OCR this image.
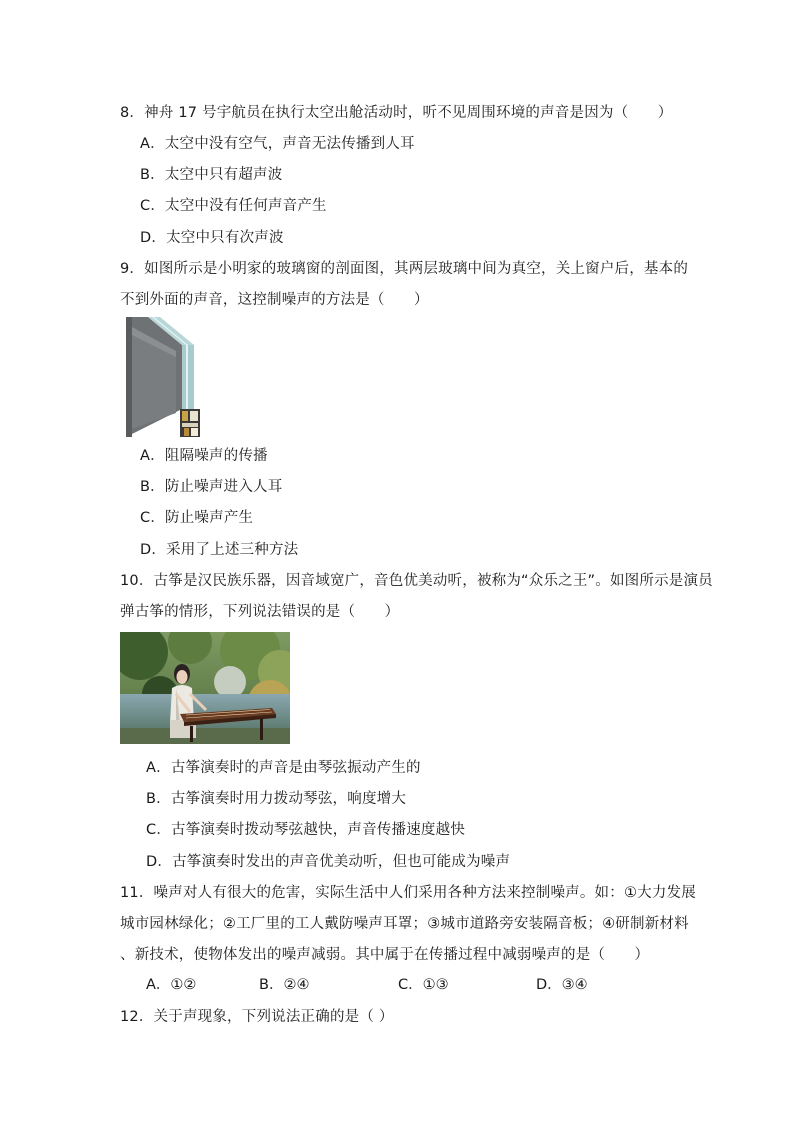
8．神舟 17 号宇航员在执行太空出舱活动时，听不见周围环境的声音是因为（　　）
A．太空中没有空气，声音无法传播到人耳
B．太空中只有超声波
C．太空中没有任何声音产生
D．太空中只有次声波
9．如图所示是小明家的玻璃窗的剖面图，其两层玻璃中间为真空，关上窗户后，基本的
不到外面的声音，这控制噪声的方法是（　　）
A．阻隔噪声的传播
B．防止噪声进入人耳
C．防止噪声产生
D．采用了上述三种方法
10．古筝是汉民族乐器，因音域宽广，音色优美动听，被称为“众乐之王”。如图所示是演员
弹古筝的情形，下列说法错误的是（　　）
A．古筝演奏时的声音是由琴弦振动产生的
B．古筝演奏时用力拨动琴弦，响度增大
C．古筝演奏时拨动琴弦越快，声音传播速度越快
D．古筝演奏时发出的声音优美动听，但也可能成为噪声
11．噪声对人有很大的危害，实际生活中人们采用各种方法来控制噪声。如：①大力发展
城市园林绿化；②工厂里的工人戴防噪声耳罩；③城市道路旁安装隔音板；④研制新材料
、新技术，使物体发出的噪声减弱。其中属于在传播过程中减弱噪声的是（　　）
A．①②	B．②④	C．①③	D．③④
12．关于声现象，下列说法正确的是（ ）
